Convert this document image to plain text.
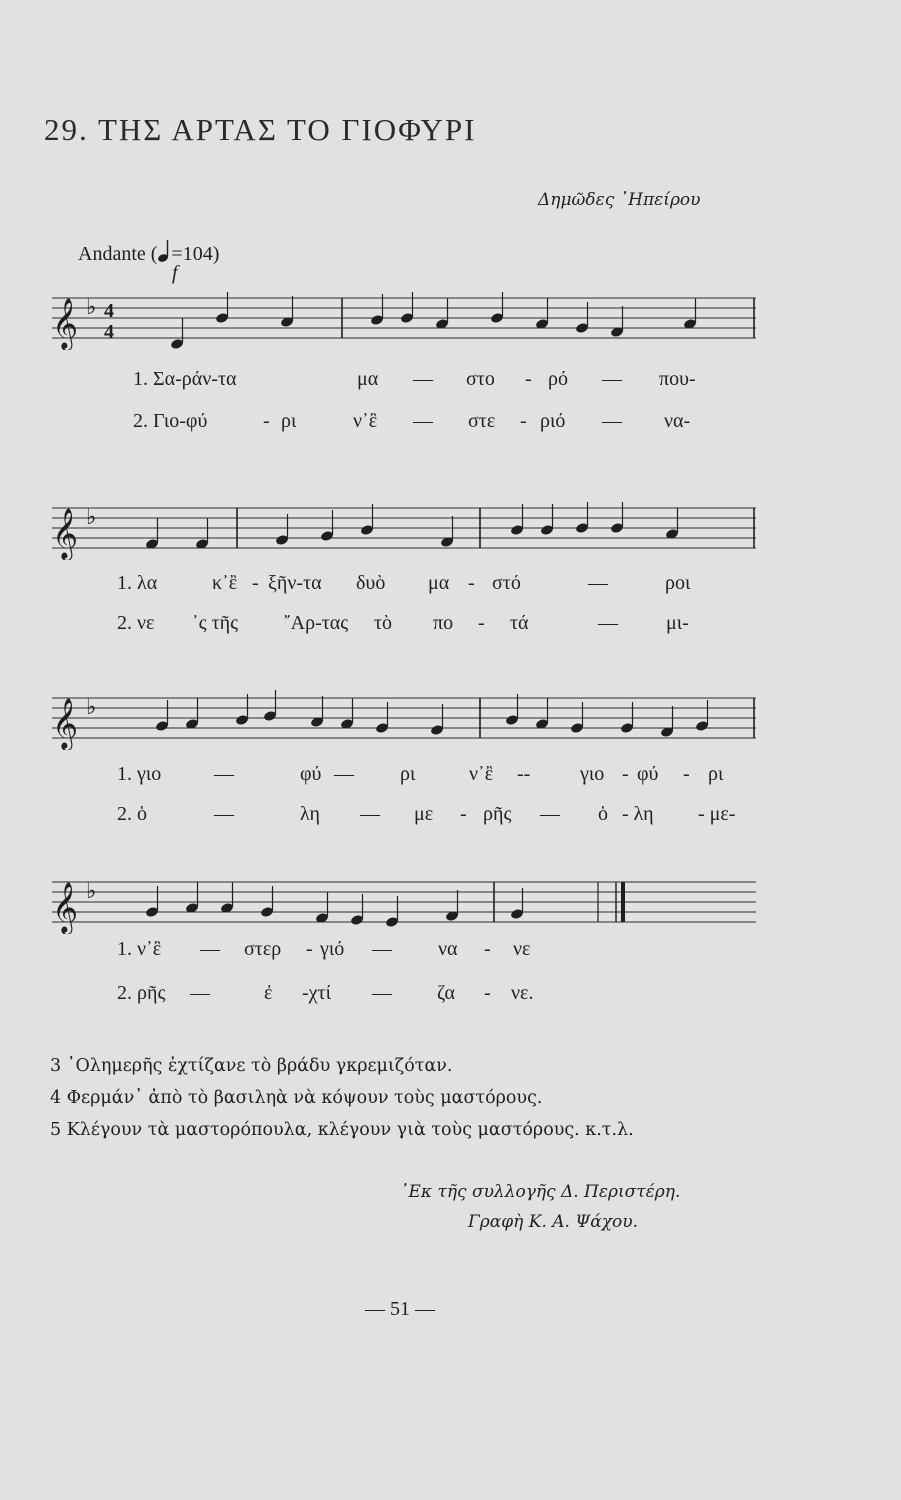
29. ΤΗΣ ΑΡΤΑΣ ΤΟ ΓΙΟΦΥΡΙ
Δημῶδες ᾿Ηπείρου
Andante ( =104)
f
𝄞 ♭ 4
4
𝄞 ♭
𝄞 ♭
𝄞 ♭
1. Σα-ράν-τα	μα — στο - ρό — που-
2. Γιο-φύ	- ρι	ν᾿ἒ — στε - ριό — να-
1. λα	κ᾿ἒ - ξῆν-τα δυὸ μα - στό	—	ροι
2. νε ᾿ς τῆς ῎Αρ-τας τὸ πο - τά	— μι-
1. γιο	—	φύ — ρι	ν᾿ἒ -- γιο - φύ - ρι
2. ὁ	—	λη — με - ρῆς — ὁ - λη - με-
1. ν᾿ἒ — στερ - γιό — να - νε
2. ρῆς —	ἐ -χτί — ζα - νε.
3 ᾿Ολημερῆς ἐχτίζανε τὸ βράδυ γκρεμιζόταν.
4 Φερμάν᾿ ἀπὸ τὸ βασιληὰ νὰ κόψουν τοὺς μαστόρους.
5 Κλέγουν τὰ μαστορόπουλα, κλέγουν γιὰ τοὺς μαστόρους. κ.τ.λ.
᾿Εκ τῆς συλλογῆς Δ. Περιστέρη.
Γραφὴ Κ. Α. Ψάχου.
— 51 —
